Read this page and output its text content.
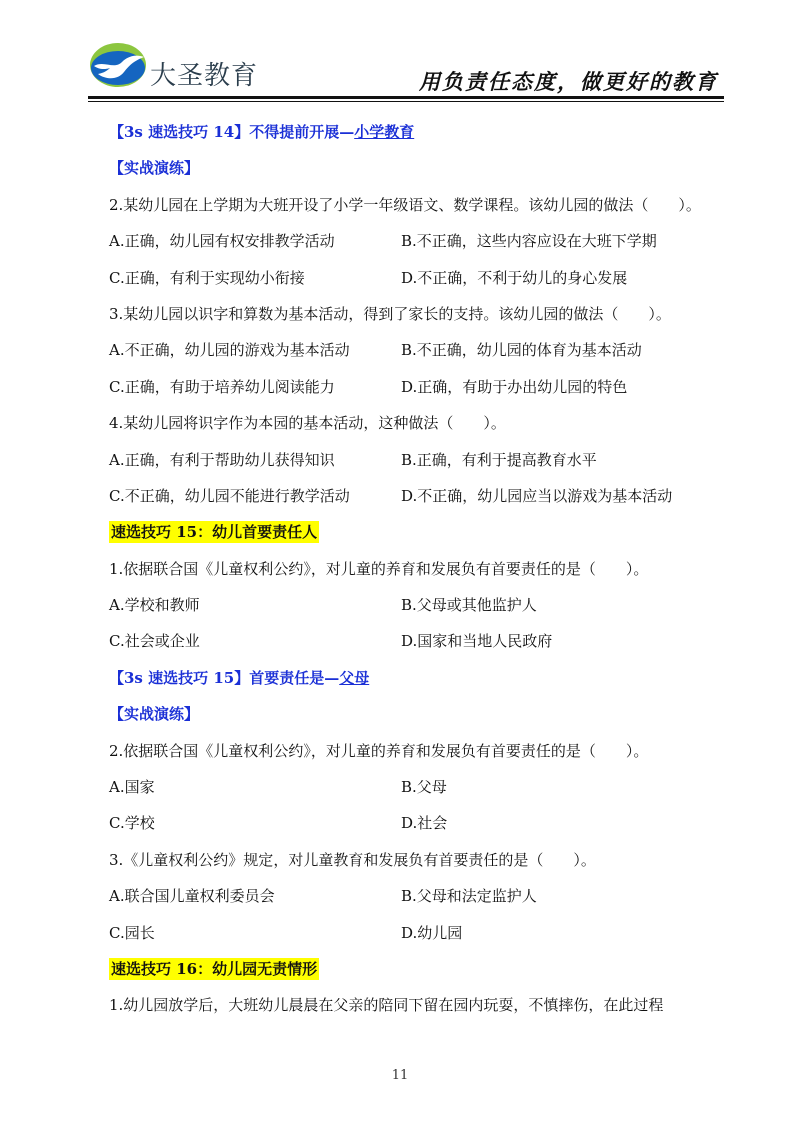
大圣教育	用负责任态度，做更好的教育
【3s 速选技巧 14】不得提前开展—小学教育
【实战演练】
2.某幼儿园在上学期为大班开设了小学一年级语文、数学课程。该幼儿园的做法（　　）。
A.正确，幼儿园有权安排教学活动	B.不正确，这些内容应设在大班下学期
C.正确，有利于实现幼小衔接	D.不正确，不利于幼儿的身心发展
3.某幼儿园以识字和算数为基本活动，得到了家长的支持。该幼儿园的做法（　　）。
A.不正确，幼儿园的游戏为基本活动	B.不正确，幼儿园的体育为基本活动
C.正确，有助于培养幼儿阅读能力	D.正确，有助于办出幼儿园的特色
4.某幼儿园将识字作为本园的基本活动，这种做法（　　）。
A.正确，有利于帮助幼儿获得知识	B.正确，有利于提高教育水平
C.不正确，幼儿园不能进行教学活动	D.不正确，幼儿园应当以游戏为基本活动
速选技巧 15：幼儿首要责任人
1.依据联合国《儿童权利公约》，对儿童的养育和发展负有首要责任的是（　　）。
A.学校和教师	B.父母或其他监护人
C.社会或企业	D.国家和当地人民政府
【3s 速选技巧 15】首要责任是—父母
【实战演练】
2.依据联合国《儿童权利公约》，对儿童的养育和发展负有首要责任的是（　　）。
A.国家	B.父母
C.学校	D.社会
3.《儿童权利公约》规定，对儿童教育和发展负有首要责任的是（　　）。
A.联合国儿童权利委员会	B.父母和法定监护人
C.园长	D.幼儿园
速选技巧 16：幼儿园无责情形
1.幼儿园放学后，大班幼儿晨晨在父亲的陪同下留在园内玩耍，不慎摔伤，在此过程
11
